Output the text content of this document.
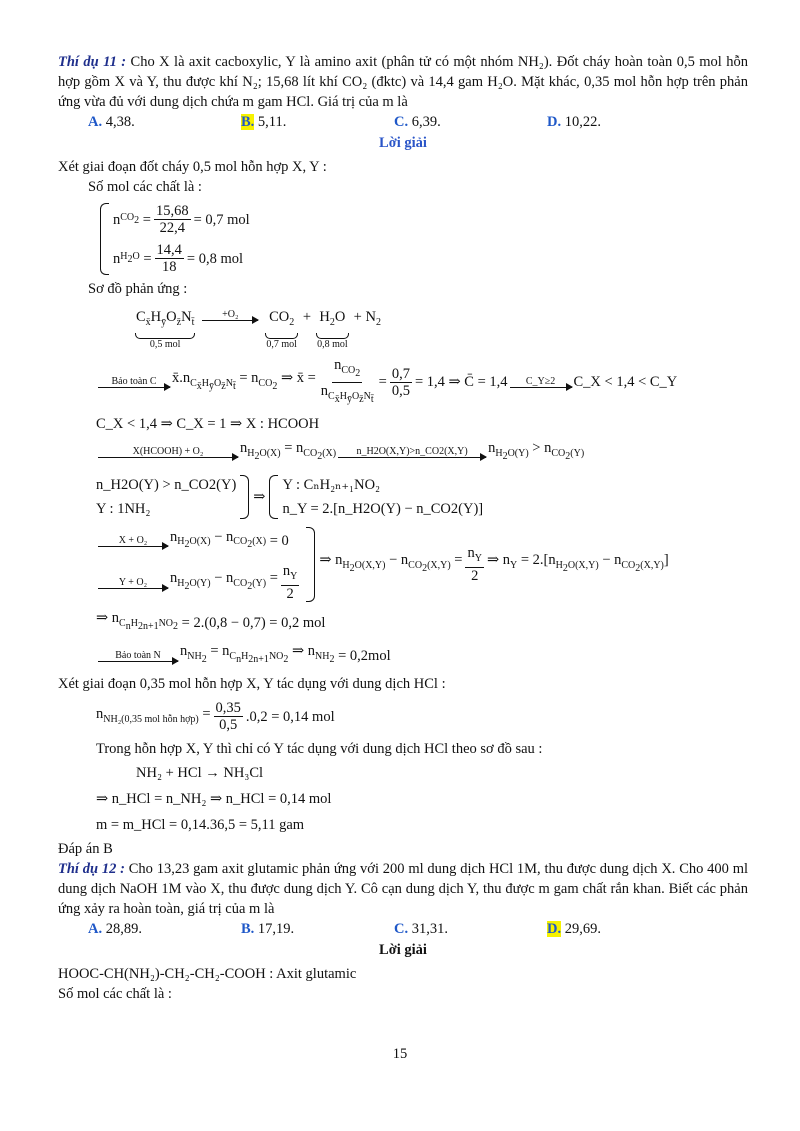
Thí dụ 11 : Cho X là axit cacboxylic, Y là amino axit (phân tử có một nhóm NH₂). Đốt cháy hoàn toàn 0,5 mol hỗn hợp gồm X và Y, thu được khí N₂; 15,68 lít khí CO₂ (đktc) và 14,4 gam H₂O. Mặt khác, 0,35 mol hỗn hợp trên phản ứng vừa đủ với dung dịch chứa m gam HCl. Giá trị của m là

A. 4,38.	B. 5,11.	C. 6,39.	D. 10,22.

Lời giải

Xét giai đoạn đốt cháy 0,5 mol hỗn hợp X, Y :

Số mol các chất là :

n $CO_2 = \frac{15,68}{22,4} = 0,7$ mol
n $H_2O = \frac{14,4}{18} = 0,8$ mol

Sơ đồ phản ứng :

$C_{x̄}H_ȳO_{z̄}N_{t̄}$
0,5 mol
+O₂	$CO_2$
0,7 mol
+ $H_2O$
0,8 mol
+ $N_2$
Bảo toàn C	$x̄.n_{C_{x̄}H_ȳO_{z̄}N_{t̄}} = n_{CO_2}$ ⇒ x̄ = $\frac{n_{CO_2}}{n_{C_{x̄}H_ȳO_{z̄}N_{t̄}}} = \frac{0,7}{0,5} = 1,4$ ⇒ C̄ = 1,4	C_Y≥2	C_X < 1,4 < C_Y

C_X < 1,4 ⇒ C_X = 1 ⇒ X : HCOOH

X(HCOOH) + O₂	$n_{H_2O(X)} = n_{CO_2(X)}$	n_H2O(X,Y)>n_CO2(X,Y)	$n_{H_2O(Y)} > n_{CO_2(Y)}$
n_H2O(Y) > n_CO2(Y)
Y : 1NH₂
⇒
Y : CₙH₂ₙ₊₁NO₂
n_Y = 2.[n_H2O(Y) − n_CO2(Y)]
X + O₂	$n_{H_2O(X)} - n_{CO_2(X)} = 0$
Y + O₂	$n_{H_2O(Y)} - n_{CO_2(Y)} = \frac{n_Y}{2}$
⇒ $n_{H_2O(X,Y)} - n_{CO_2(X,Y)} = \frac{n_Y}{2}$ ⇒ $n_Y = 2.[n_{H_2O(X,Y)} - n_{CO_2(X,Y)}]$
⇒ $n_{C_nH_{2n+1}NO_2} = 2.(0,8 - 0,7) = 0,2$ mol
Bảo toàn N	$n_{NH_2} = n_{C_nH_{2n+1}NO_2}$ ⇒ $n_{NH_2} = 0,2mol$

Xét giai đoạn 0,35 mol hỗn hợp X, Y tác dụng với dung dịch HCl :

$n_{NH_2(0,35 mol hỗn hợp)} = \frac{0,35}{0,5} .0,2 = 0,14$ mol

Trong hỗn hợp X, Y thì chỉ có Y tác dụng với dung dịch HCl theo sơ đồ sau :

NH₂ + HCl → NH₃Cl

⇒ n_HCl = n_NH₂ ⇒ n_HCl = 0,14 mol

m = m_HCl = 0,14.36,5 = 5,11 gam

Đáp án B

Thí dụ 12 : Cho 13,23 gam axit glutamic phản ứng với 200 ml dung dịch HCl 1M, thu được dung dịch X. Cho 400 ml dung dịch NaOH 1M vào X, thu được dung dịch Y. Cô cạn dung dịch Y, thu được m gam chất rắn khan. Biết các phản ứng xảy ra hoàn toàn, giá trị của m là

A. 28,89.	B. 17,19.	C. 31,31.	D. 29,69.

Lời giải

HOOC-CH(NH₂)-CH₂-CH₂-COOH : Axit glutamic

Số mol các chất là :

15
